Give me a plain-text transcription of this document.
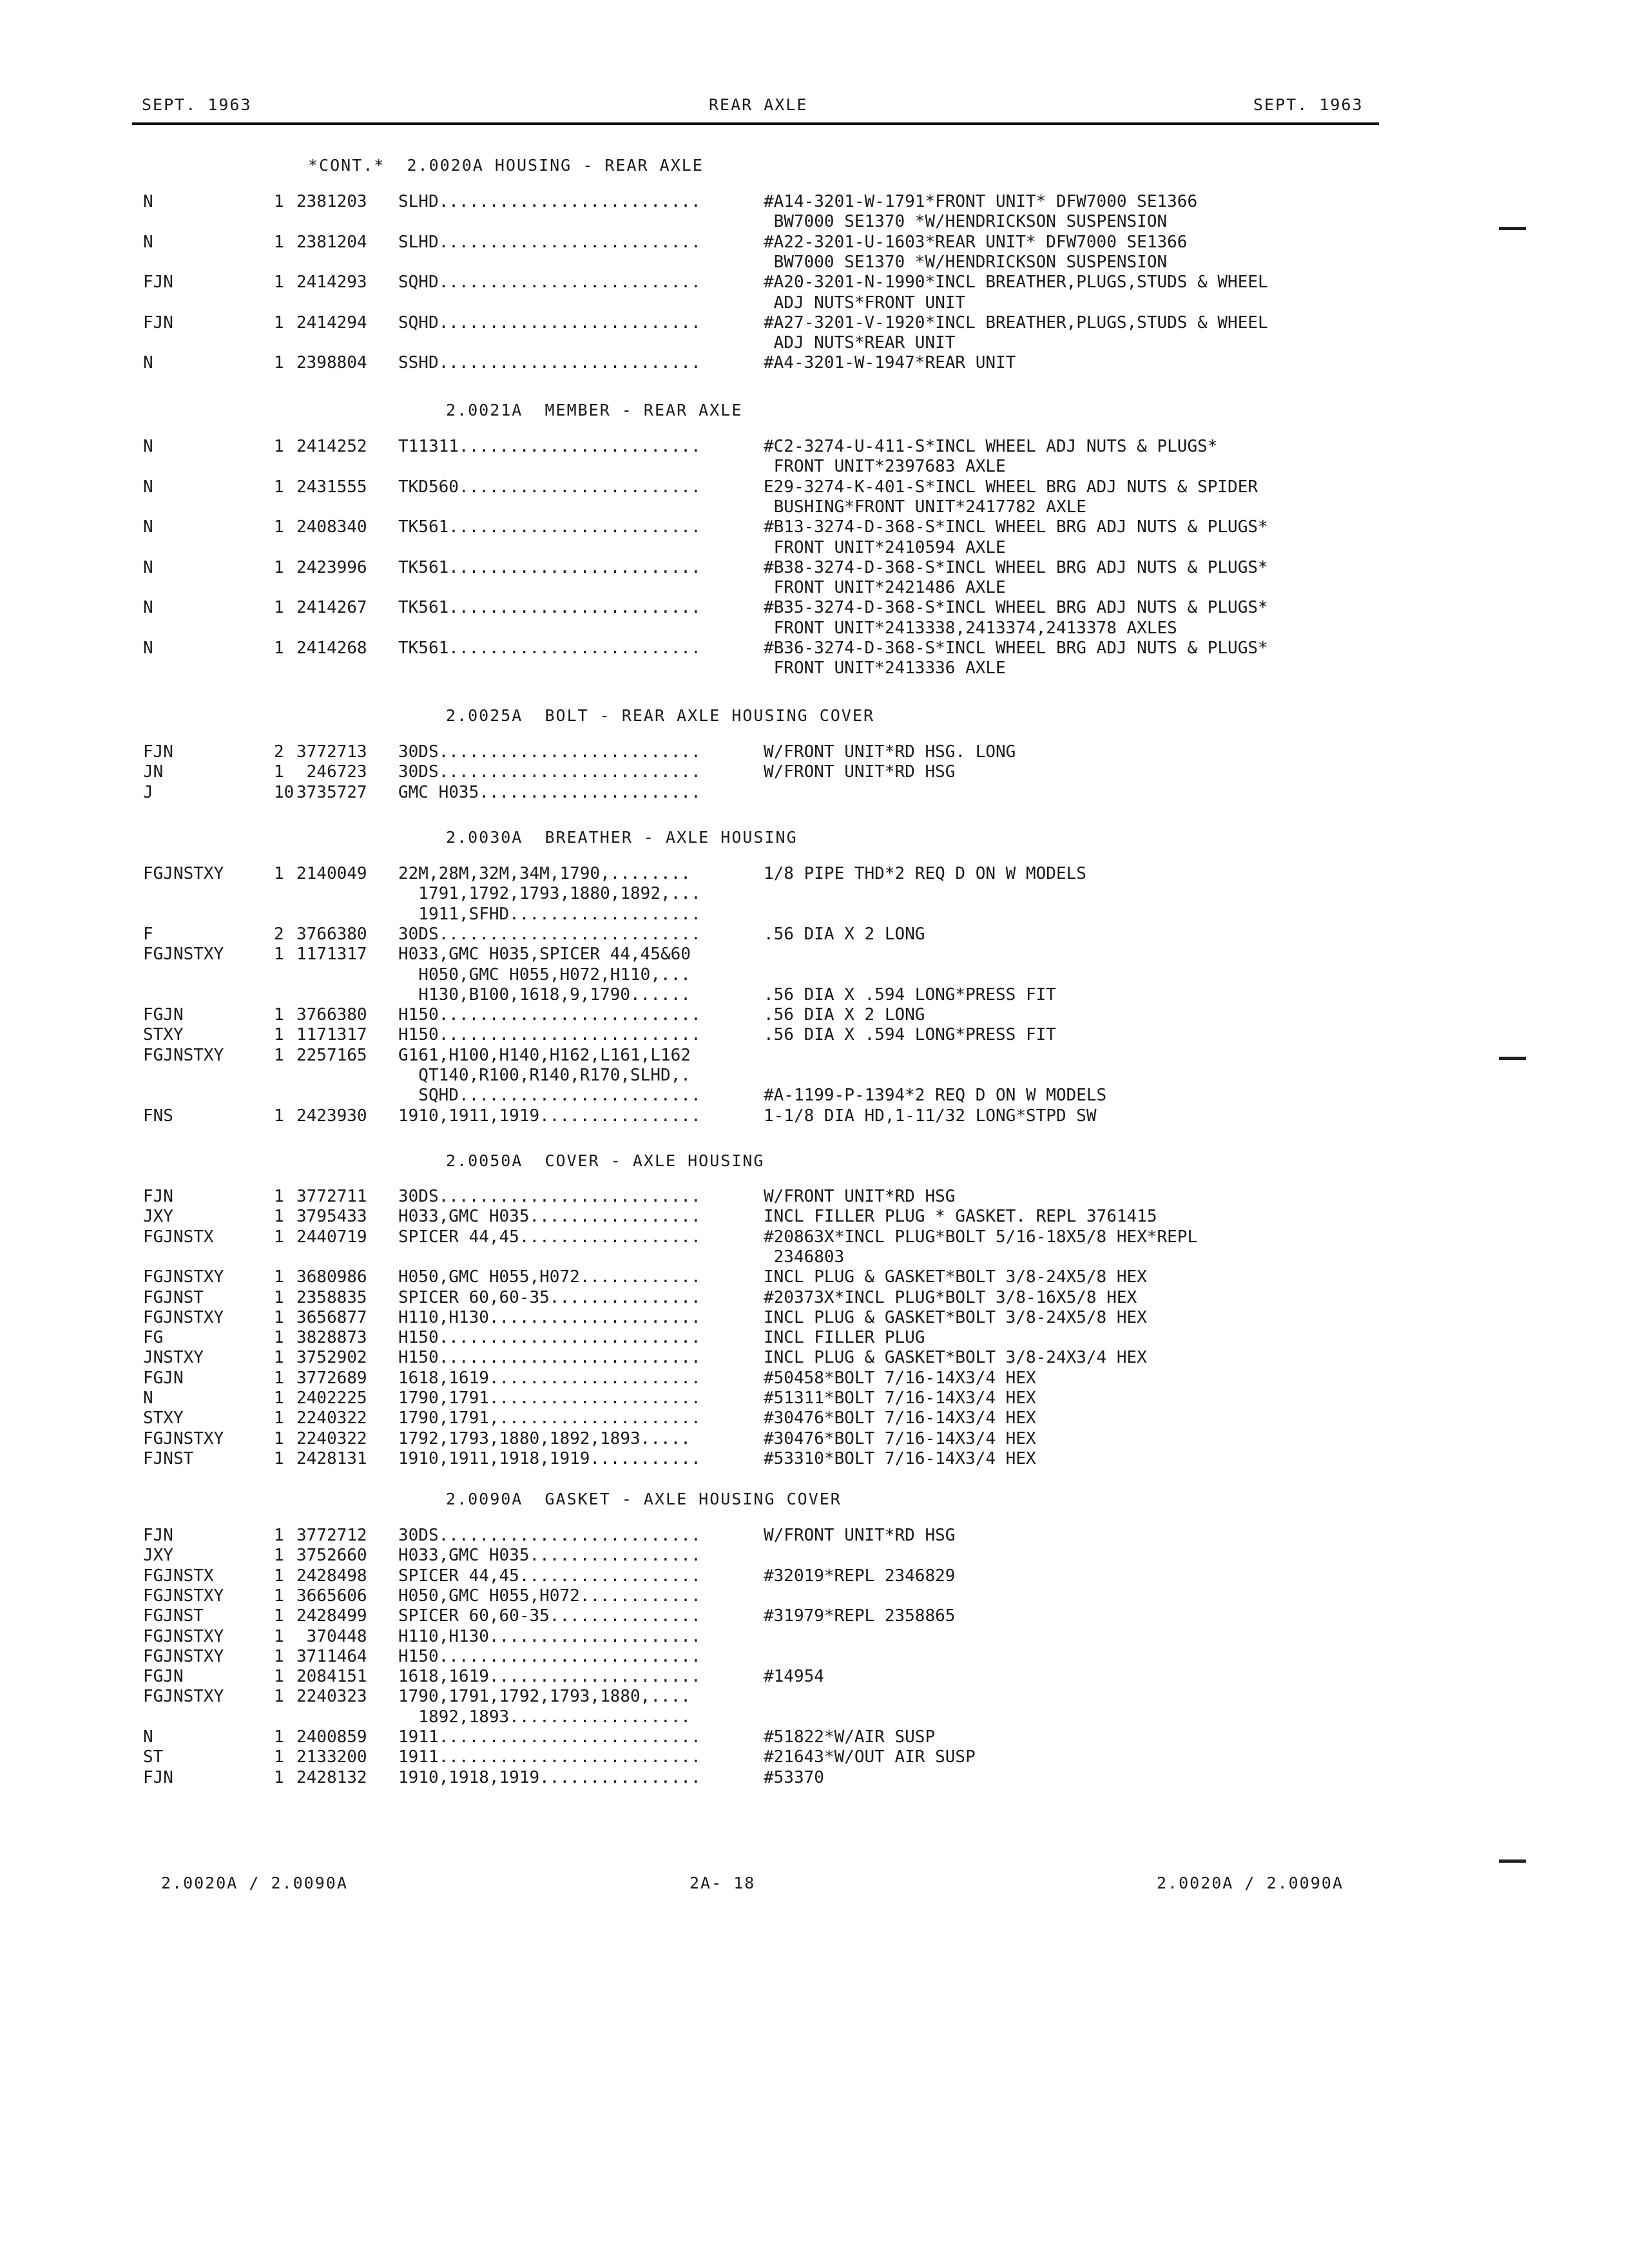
SEPT. 1963	REAR AXLE	SEPT. 1963
*CONT.*  2.0020A HOUSING - REAR AXLE
N	1 2381203 SLHD..........................	#A14-3201-W-1791*FRONT UNIT* DFW7000 SE1366
BW7000 SE1370 *W/HENDRICKSON SUSPENSION
N	1 2381204 SLHD..........................	#A22-3201-U-1603*REAR UNIT* DFW7000 SE1366
BW7000 SE1370 *W/HENDRICKSON SUSPENSION
FJN	1 2414293 SQHD..........................	#A20-3201-N-1990*INCL BREATHER,PLUGS,STUDS & WHEEL
ADJ NUTS*FRONT UNIT
FJN	1 2414294 SQHD..........................	#A27-3201-V-1920*INCL BREATHER,PLUGS,STUDS & WHEEL
ADJ NUTS*REAR UNIT
N	1 2398804 SSHD..........................	#A4-3201-W-1947*REAR UNIT
2.0021A  MEMBER - REAR AXLE
N	1 2414252 T11311........................	#C2-3274-U-411-S*INCL WHEEL ADJ NUTS & PLUGS*
FRONT UNIT*2397683 AXLE
N	1 2431555 TKD560........................	E29-3274-K-401-S*INCL WHEEL BRG ADJ NUTS & SPIDER
BUSHING*FRONT UNIT*2417782 AXLE
N	1 2408340 TK561.........................	#B13-3274-D-368-S*INCL WHEEL BRG ADJ NUTS & PLUGS*
FRONT UNIT*2410594 AXLE
N	1 2423996 TK561.........................	#B38-3274-D-368-S*INCL WHEEL BRG ADJ NUTS & PLUGS*
FRONT UNIT*2421486 AXLE
N	1 2414267 TK561.........................	#B35-3274-D-368-S*INCL WHEEL BRG ADJ NUTS & PLUGS*
FRONT UNIT*2413338,2413374,2413378 AXLES
N	1 2414268 TK561.........................	#B36-3274-D-368-S*INCL WHEEL BRG ADJ NUTS & PLUGS*
FRONT UNIT*2413336 AXLE
2.0025A  BOLT - REAR AXLE HOUSING COVER
FJN	2 3772713 30DS..........................	W/FRONT UNIT*RD HSG. LONG
JN	1 246723 30DS..........................	W/FRONT UNIT*RD HSG
J	10 3735727 GMC H035......................
2.0030A  BREATHER - AXLE HOUSING
FGJNSTXY	1 2140049 22M,28M,32M,34M,1790,........	1/8 PIPE THD*2 REQ D ON W MODELS
1791,1792,1793,1880,1892,...
1911,SFHD...................
F	2 3766380 30DS..........................	.56 DIA X 2 LONG
FGJNSTXY	1 1171317 H033,GMC H035,SPICER 44,45&60
H050,GMC H055,H072,H110,...
H130,B100,1618,9,1790......	.56 DIA X .594 LONG*PRESS FIT
FGJN	1 3766380 H150..........................	.56 DIA X 2 LONG
STXY	1 1171317 H150..........................	.56 DIA X .594 LONG*PRESS FIT
FGJNSTXY	1 2257165 G161,H100,H140,H162,L161,L162
QT140,R100,R140,R170,SLHD,.
SQHD........................	#A-1199-P-1394*2 REQ D ON W MODELS
FNS	1 2423930 1910,1911,1919................	1-1/8 DIA HD,1-11/32 LONG*STPD SW
2.0050A  COVER - AXLE HOUSING
FJN	1 3772711 30DS..........................	W/FRONT UNIT*RD HSG
JXY	1 3795433 H033,GMC H035.................	INCL FILLER PLUG * GASKET. REPL 3761415
FGJNSTX	1 2440719 SPICER 44,45..................	#20863X*INCL PLUG*BOLT 5/16-18X5/8 HEX*REPL
2346803
FGJNSTXY	1 3680986 H050,GMC H055,H072............	INCL PLUG & GASKET*BOLT 3/8-24X5/8 HEX
FGJNST	1 2358835 SPICER 60,60-35...............	#20373X*INCL PLUG*BOLT 3/8-16X5/8 HEX
FGJNSTXY	1 3656877 H110,H130.....................	INCL PLUG & GASKET*BOLT 3/8-24X5/8 HEX
FG	1 3828873 H150..........................	INCL FILLER PLUG
JNSTXY	1 3752902 H150..........................	INCL PLUG & GASKET*BOLT 3/8-24X3/4 HEX
FGJN	1 3772689 1618,1619.....................	#50458*BOLT 7/16-14X3/4 HEX
N	1 2402225 1790,1791.....................	#51311*BOLT 7/16-14X3/4 HEX
STXY	1 2240322 1790,1791,....................	#30476*BOLT 7/16-14X3/4 HEX
FGJNSTXY	1 2240322 1792,1793,1880,1892,1893.....	#30476*BOLT 7/16-14X3/4 HEX
FJNST	1 2428131 1910,1911,1918,1919...........	#53310*BOLT 7/16-14X3/4 HEX
2.0090A  GASKET - AXLE HOUSING COVER
FJN	1 3772712 30DS..........................	W/FRONT UNIT*RD HSG
JXY	1 3752660 H033,GMC H035.................
FGJNSTX	1 2428498 SPICER 44,45..................	#32019*REPL 2346829
FGJNSTXY	1 3665606 H050,GMC H055,H072............
FGJNST	1 2428499 SPICER 60,60-35...............	#31979*REPL 2358865
FGJNSTXY	1 370448 H110,H130.....................
FGJNSTXY	1 3711464 H150..........................
FGJN	1 2084151 1618,1619.....................	#14954
FGJNSTXY	1 2240323 1790,1791,1792,1793,1880,....
1892,1893..................
N	1 2400859 1911..........................	#51822*W/AIR SUSP
ST	1 2133200 1911..........................	#21643*W/OUT AIR SUSP
FJN	1 2428132 1910,1918,1919................	#53370
2.0020A / 2.0090A	2A- 18	2.0020A / 2.0090A
